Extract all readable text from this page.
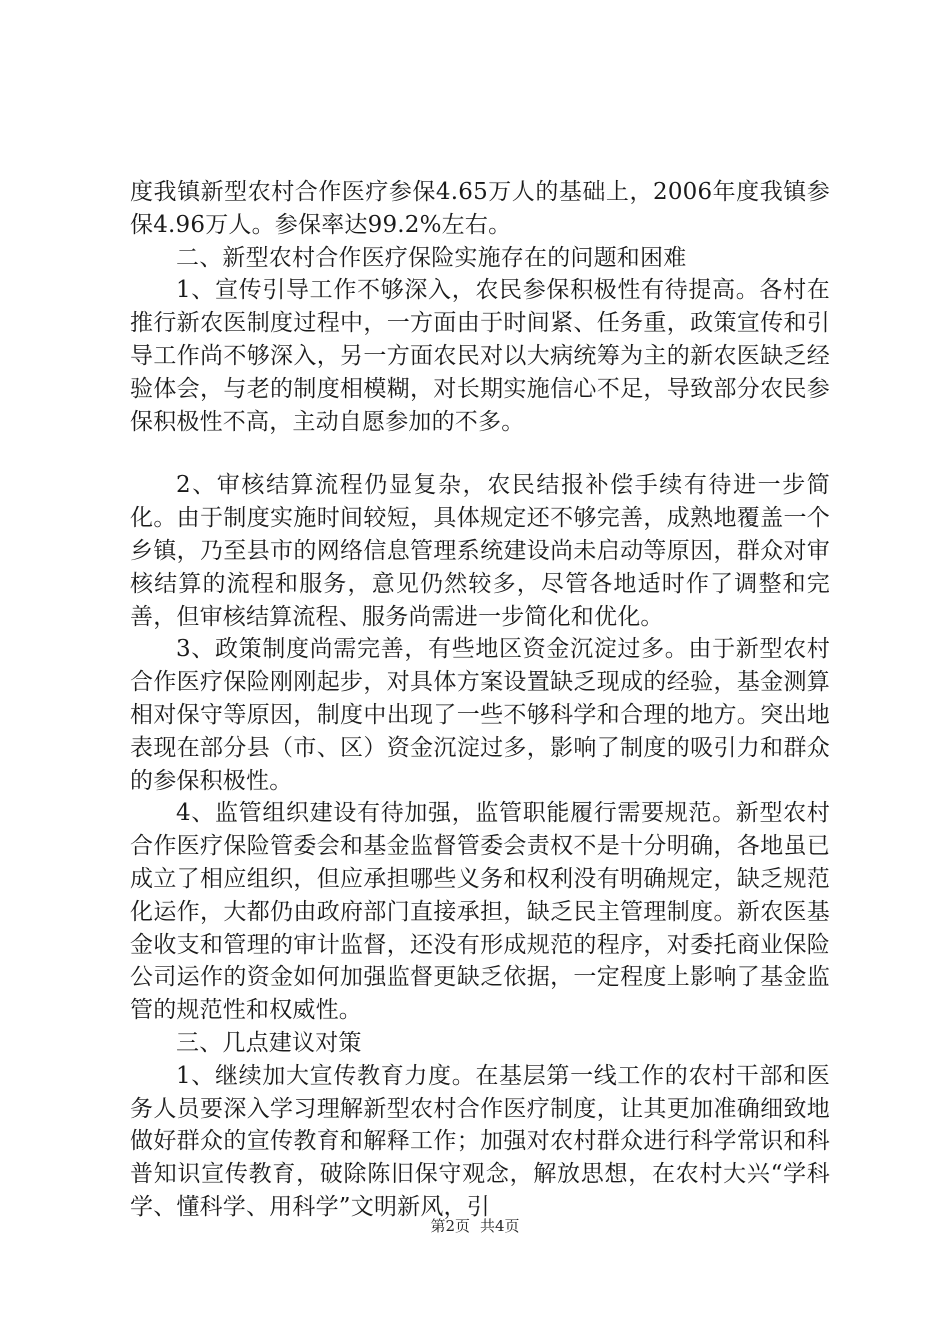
度我镇新型农村合作医疗参保4.65万人的基础上，2006年度我镇参保4.96万人。参保率达99.2%左右。

二、新型农村合作医疗保险实施存在的问题和困难

1、宣传引导工作不够深入，农民参保积极性有待提高。各村在推行新农医制度过程中，一方面由于时间紧、任务重，政策宣传和引导工作尚不够深入，另一方面农民对以大病统筹为主的新农医缺乏经验体会，与老的制度相模糊，对长期实施信心不足，导致部分农民参保积极性不高，主动自愿参加的不多。

2、审核结算流程仍显复杂，农民结报补偿手续有待进一步简化。由于制度实施时间较短，具体规定还不够完善，成熟地覆盖一个乡镇，乃至县市的网络信息管理系统建设尚未启动等原因，群众对审核结算的流程和服务，意见仍然较多，尽管各地适时作了调整和完善，但审核结算流程、服务尚需进一步简化和优化。

3、政策制度尚需完善，有些地区资金沉淀过多。由于新型农村合作医疗保险刚刚起步，对具体方案设置缺乏现成的经验，基金测算相对保守等原因，制度中出现了一些不够科学和合理的地方。突出地表现在部分县（市、区）资金沉淀过多，影响了制度的吸引力和群众的参保积极性。

4、监管组织建设有待加强，监管职能履行需要规范。新型农村合作医疗保险管委会和基金监督管委会责权不是十分明确，各地虽已成立了相应组织，但应承担哪些义务和权利没有明确规定，缺乏规范化运作，大都仍由政府部门直接承担，缺乏民主管理制度。新农医基金收支和管理的审计监督，还没有形成规范的程序，对委托商业保险公司运作的资金如何加强监督更缺乏依据，一定程度上影响了基金监管的规范性和权威性。

三、几点建议对策

1、继续加大宣传教育力度。在基层第一线工作的农村干部和医务人员要深入学习理解新型农村合作医疗制度，让其更加准确细致地做好群众的宣传教育和解释工作；加强对农村群众进行科学常识和科普知识宣传教育，破除陈旧保守观念，解放思想，在农村大兴“学科学、懂科学、用科学”文明新风，引

第2页 共4页
